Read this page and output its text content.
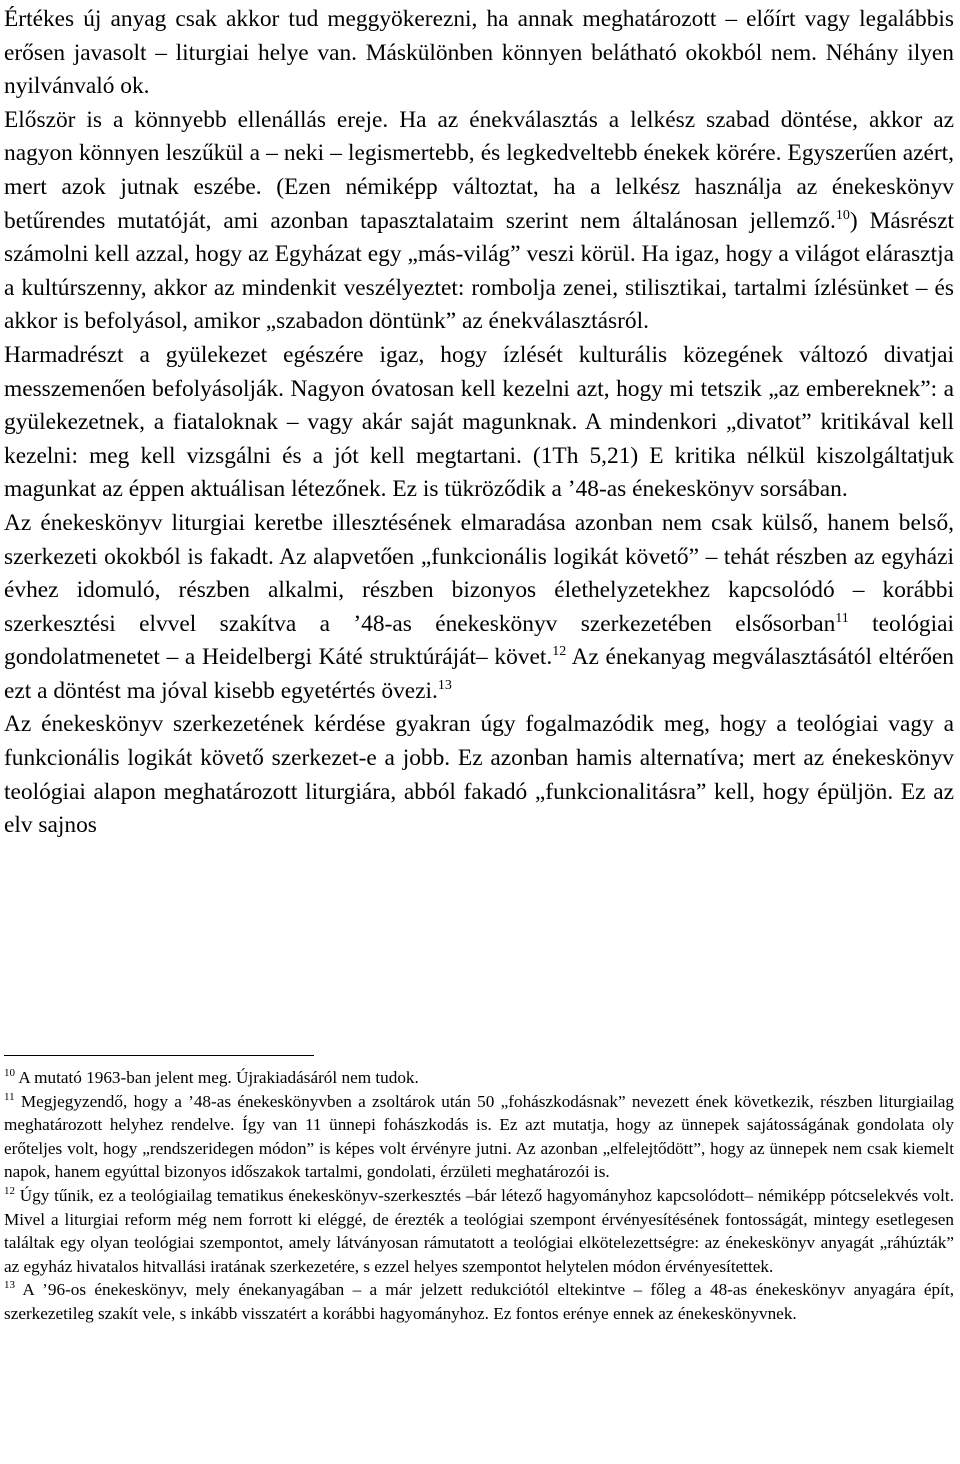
Értékes új anyag csak akkor tud meggyökerezni, ha annak meghatározott – előírt vagy legalábbis erősen javasolt – liturgiai helye van. Máskülönben könnyen belátható okokból nem. Néhány ilyen nyilvánvaló ok.

Először is a könnyebb ellenállás ereje. Ha az énekválasztás a lelkész szabad döntése, akkor az nagyon könnyen leszűkül a – neki – legismertebb, és legkedveltebb énekek körére. Egyszerűen azért, mert azok jutnak eszébe. (Ezen némiképp változtat, ha a lelkész használja az énekeskönyv betűrendes mutatóját, ami azonban tapasztalataim szerint nem általánosan jellemző.$^{10}$) Másrészt számolni kell azzal, hogy az Egyházat egy „más-világ” veszi körül. Ha igaz, hogy a világot elárasztja a kultúrszenny, akkor az mindenkit veszélyeztet: rombolja zenei, stilisztikai, tartalmi ízlésünket – és akkor is befolyásol, amikor „szabadon döntünk” az énekválasztásról.

Harmadrészt a gyülekezet egészére igaz, hogy ízlését kulturális közegének változó divatjai messzemenően befolyásolják. Nagyon óvatosan kell kezelni azt, hogy mi tetszik „az embereknek”: a gyülekezetnek, a fiataloknak – vagy akár saját magunknak. A mindenkori „divatot” kritikával kell kezelni: meg kell vizsgálni és a jót kell megtartani. (1Th 5,21) E kritika nélkül kiszolgáltatjuk magunkat az éppen aktuálisan létezőnek. Ez is tükröződik a ’48-as énekeskönyv sorsában.

Az énekeskönyv liturgiai keretbe illesztésének elmaradása azonban nem csak külső, hanem belső, szerkezeti okokból is fakadt. Az alapvetően „funkcionális logikát követő” – tehát részben az egyházi évhez idomuló, részben alkalmi, részben bizonyos élethelyzetekhez kapcsolódó – korábbi szerkesztési elvvel szakítva a ’48-as énekeskönyv szerkezetében elsősorban$^{11}$ teológiai gondolatmenetet – a Heidelbergi Káté struktúráját– követ.$^{12}$ Az énekanyag megválasztásától eltérően ezt a döntést ma jóval kisebb egyetértés övezi.$^{13}$

Az énekeskönyv szerkezetének kérdése gyakran úgy fogalmazódik meg, hogy a teológiai vagy a funkcionális logikát követő szerkezet-e a jobb. Ez azonban hamis alternatíva; mert az énekeskönyv teológiai alapon meghatározott liturgiára, abból fakadó „funkcionalitásra” kell, hogy épüljön. Ez az elv sajnos

$^{10}$ A mutató 1963-ban jelent meg. Újrakiadásáról nem tudok.

$^{11}$ Megjegyzendő, hogy a ’48-as énekeskönyvben a zsoltárok után 50 „fohászkodásnak” nevezett ének következik, részben liturgiailag meghatározott helyhez rendelve. Így van 11 ünnepi fohászkodás is. Ez azt mutatja, hogy az ünnepek sajátosságának gondolata oly erőteljes volt, hogy „rendszeridegen módon” is képes volt érvényre jutni. Az azonban „elfelejtődött”, hogy az ünnepek nem csak kiemelt napok, hanem egyúttal bizonyos időszakok tartalmi, gondolati, érzületi meghatározói is.

$^{12}$ Úgy tűnik, ez a teológiailag tematikus énekeskönyv-szerkesztés –bár létező hagyományhoz kapcsolódott– némiképp pótcselekvés volt. Mivel a liturgiai reform még nem forrott ki eléggé, de érezték a teológiai szempont érvényesítésének fontosságát, mintegy esetlegesen találtak egy olyan teológiai szempontot, amely látványosan rámutatott a teológiai elkötelezettségre: az énekeskönyv anyagát „ráhúzták” az egyház hivatalos hitvallási iratának szerkezetére, s ezzel helyes szempontot helytelen módon érvényesítettek.

$^{13}$ A ’96-os énekeskönyv, mely énekanyagában – a már jelzett redukciótól eltekintve – főleg a 48-as énekeskönyv anyagára épít, szerkezetileg szakít vele, s inkább visszatért a korábbi hagyományhoz. Ez fontos erénye ennek az énekeskönyvnek.
